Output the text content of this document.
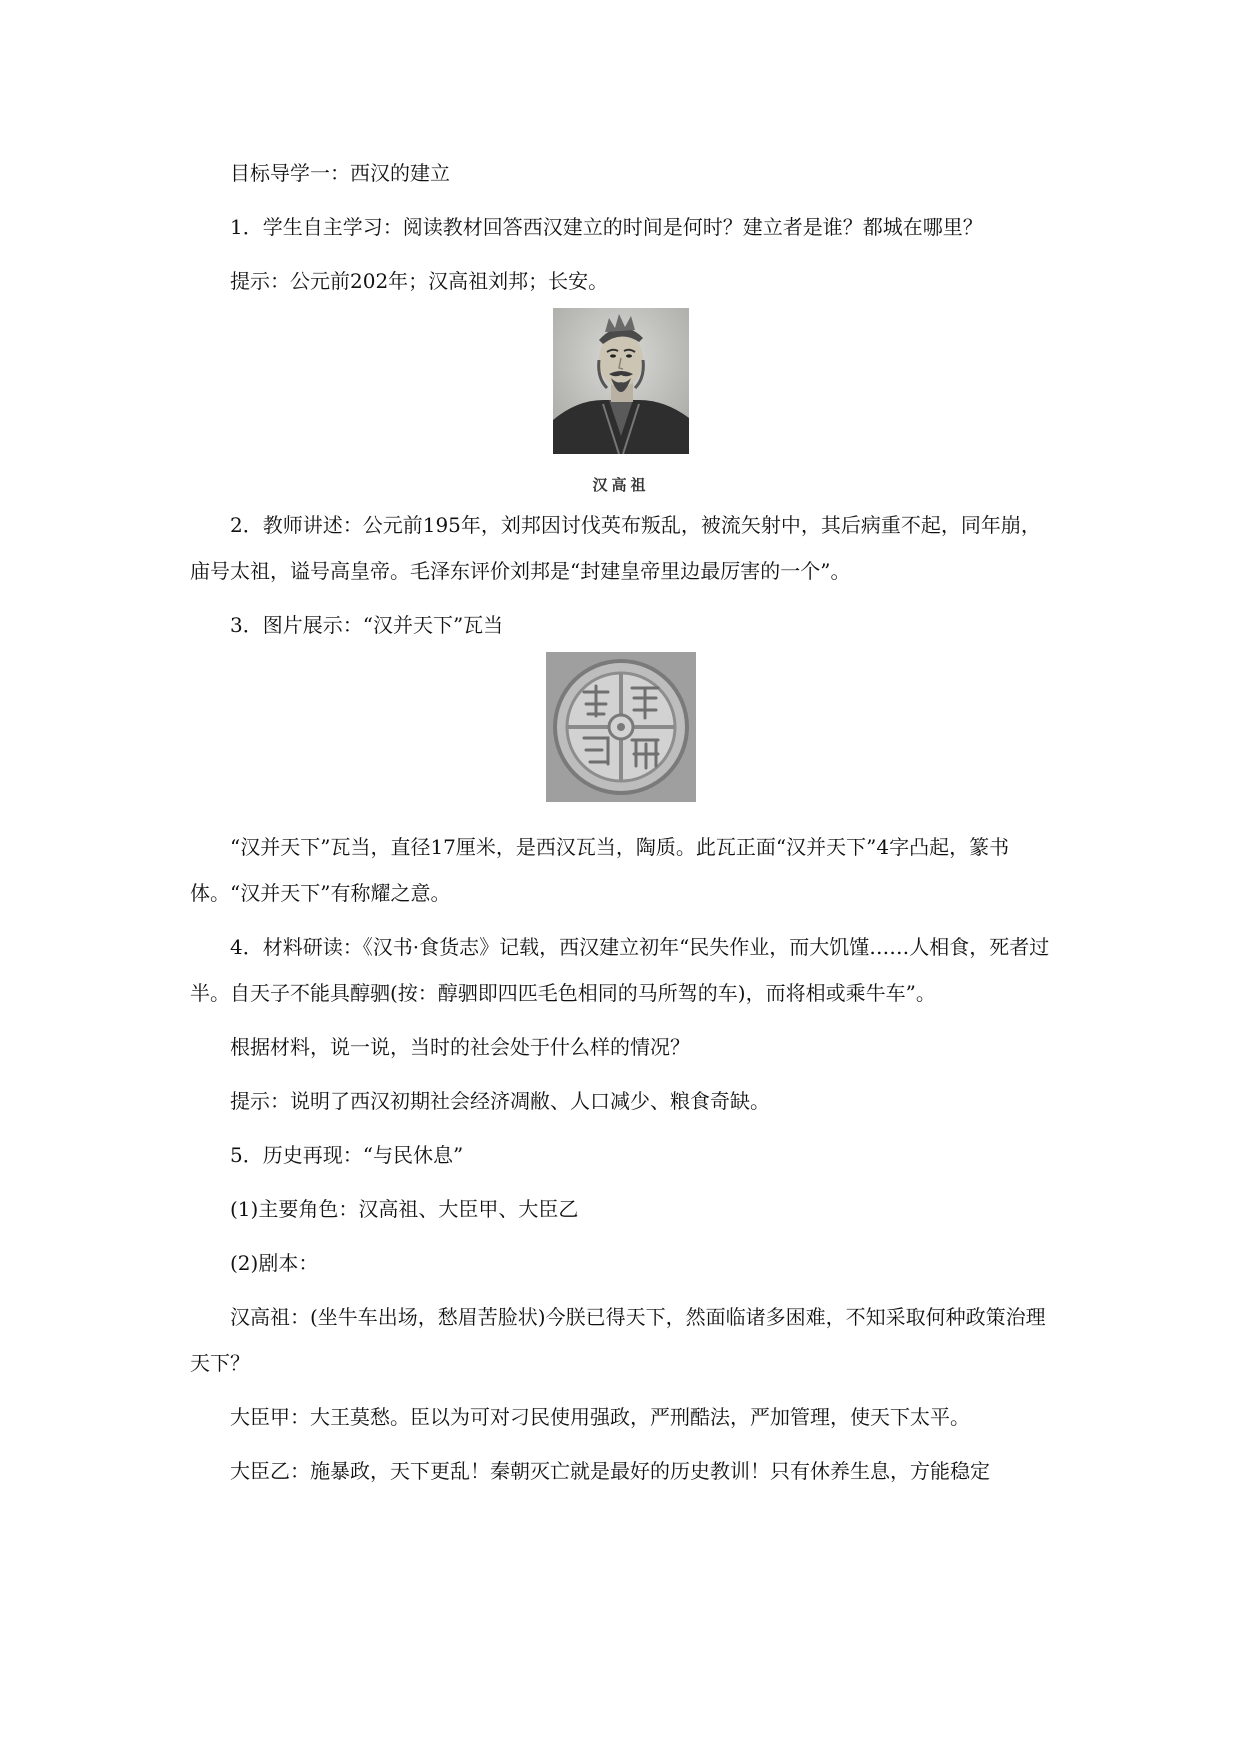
目标导学一：西汉的建立

1．学生自主学习：阅读教材回答西汉建立的时间是何时？建立者是谁？都城在哪里？

提示：公元前202年；汉高祖刘邦；长安。

汉高祖

2．教师讲述：公元前195年，刘邦因讨伐英布叛乱，被流矢射中，其后病重不起，同年崩，庙号太祖，谥号高皇帝。毛泽东评价刘邦是“封建皇帝里边最厉害的一个”。

3．图片展示：“汉并天下”瓦当

“汉并天下”瓦当，直径17厘米，是西汉瓦当，陶质。此瓦正面“汉并天下”4字凸起，篆书体。“汉并天下”有称耀之意。

4．材料研读：《汉书·食货志》记载，西汉建立初年“民失作业，而大饥馑……人相食，死者过半。自天子不能具醇驷(按：醇驷即四匹毛色相同的马所驾的车)，而将相或乘牛车”。

根据材料，说一说，当时的社会处于什么样的情况？

提示：说明了西汉初期社会经济凋敝、人口减少、粮食奇缺。

5．历史再现：“与民休息”

(1)主要角色：汉高祖、大臣甲、大臣乙

(2)剧本：

汉高祖：(坐牛车出场，愁眉苦脸状)今朕已得天下，然面临诸多困难，不知采取何种政策治理天下？

大臣甲：大王莫愁。臣以为可对刁民使用强政，严刑酷法，严加管理，使天下太平。

大臣乙：施暴政，天下更乱！秦朝灭亡就是最好的历史教训！只有休养生息，方能稳定
